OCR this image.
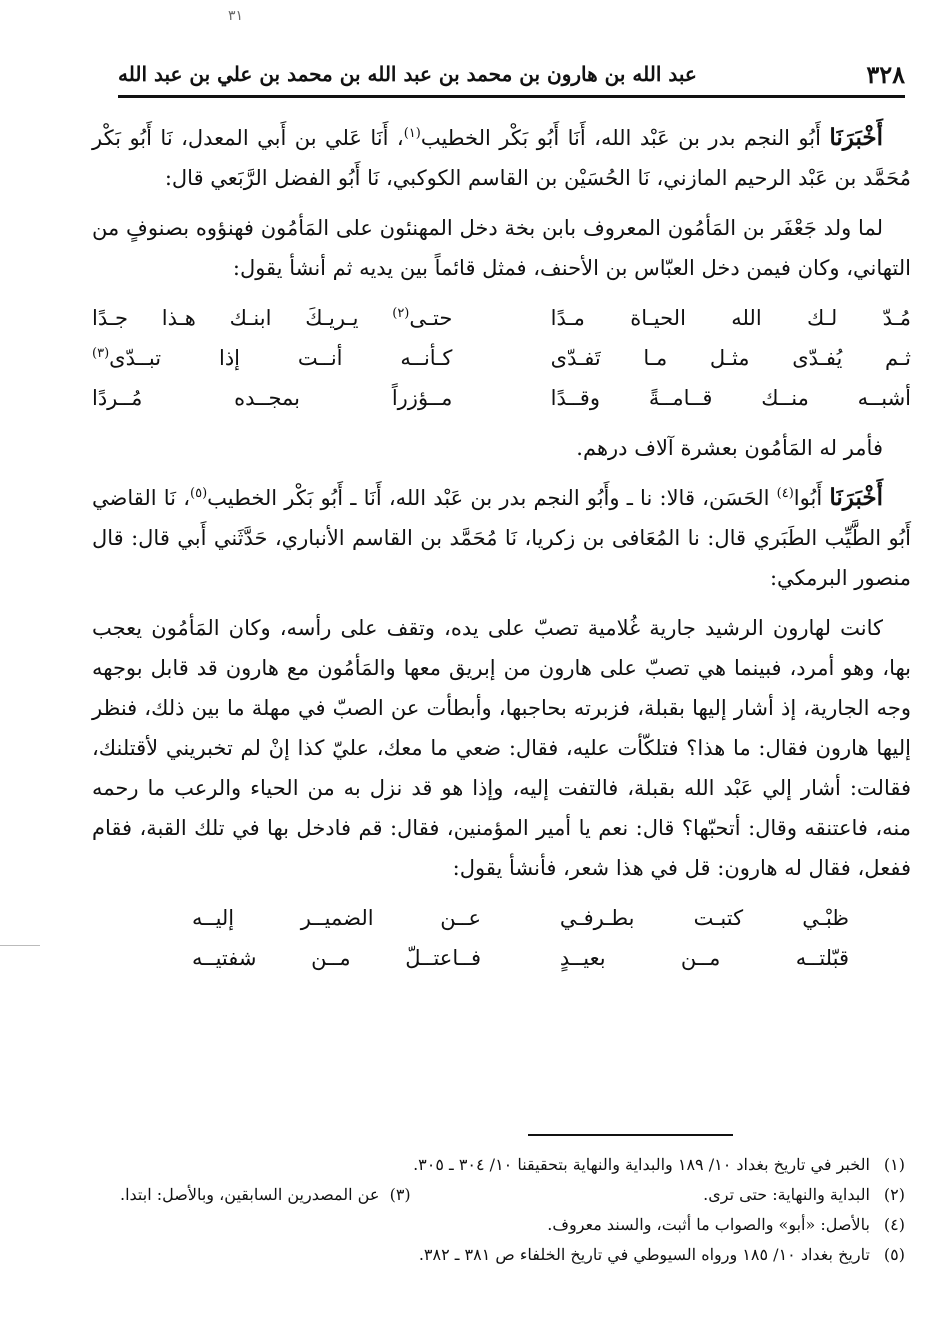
٣١
٣٢٨
عبد الله بن هارون بن محمد بن عبد الله بن محمد بن علي بن عبد الله

أَخْبَرَنَا أَبُو النجم بدر بن عَبْد الله، أَنَا أَبُو بَكْر الخطيب$^{(١)}$، أَنَا عَلي بن أَبي المعدل، نَا أَبُو بَكْر مُحَمَّد بن عَبْد الرحيم المازني، نَا الحُسَيْن بن القاسم الكوكبي، نَا أَبُو الفضل الرَّبَعي قال:

لما ولد جَعْفَر بن المَأمُون المعروف بابن بخة دخل المهنئون على المَأمُون فهنؤوه بصنوفٍ من التهاني، وكان فيمن دخل العبّاس بن الأحنف، فمثل قائماً بين يديه ثم أنشأ يقول:

مُـدّ لـك الله الحيـاة مـدًا
حتـى$^{(٢)}$ يـريـكَ ابنـك هـذا جـدًا
ثـم يُفـدّى مثـل مـا تَفـدّى
كـأنــه أنــت إذا تبــدّى$^{(٣)}$
أشبــه منــك قــامــةً وقــدًا
مــؤزراً بمجــده مُــردًا

فأمر له المَأمُون بعشرة آلاف درهم.

أَخْبَرَنَا أَبُوا$^{(٤)}$ الحَسَن، قالا: نا ـ وأَبُو النجم بدر بن عَبْد الله، أَنَا ـ أَبُو بَكْر الخطيب$^{(٥)}$، نَا القاضي أَبُو الطَّيِّب الطَبَري قال: نا المُعَافى بن زكريا، نَا مُحَمَّد بن القاسم الأنباري، حَدَّثَني أَبي قال: قال منصور البرمكي:

كانت لهارون الرشيد جارية غُلامية تصبّ على يده، وتقف على رأسه، وكان المَأمُون يعجب بها، وهو أمرد، فبينما هي تصبّ على هارون من إبريق معها والمَأمُون مع هارون قد قابل بوجهه وجه الجارية، إذ أشار إليها بقبلة، فزبرته بحاجبها، وأبطأت عن الصبّ في مهلة ما بين ذلك، فنظر إليها هارون فقال: ما هذا؟ فتلكّأت عليه، فقال: ضعي ما معك، عليّ كذا إنْ لم تخبريني لأقتلنك، فقالت: أشار إلي عَبْد الله بقبلة، فالتفت إليه، وإذا هو قد نزل به من الحياء والرعب ما رحمه منه، فاعتنقه وقال: أتحبّها؟ قال: نعم يا أمير المؤمنين، فقال: قم فادخل بها في تلك القبة، فقام ففعل، فقال له هارون: قل في هذا شعر، فأنشأ يقول:

ظبْـي كتبـت بطـرفـي
عــن الضميــر إليــه
قبّلتــه مــن بعيــدٍ
فــاعتــلّ مــن شفتيــه
(١) الخبر في تاريخ بغداد ١٠/ ١٨٩ والبداية والنهاية بتحقيقنا ١٠/ ٣٠٤ ـ ٣٠٥.
(٢) البداية والنهاية: حتى ترى.
(٣)  عن المصدرين السابقين، وبالأصل: ابتدا.
(٤) بالأصل: «أبو» والصواب ما أثبت، والسند معروف.
(٥) تاريخ بغداد ١٠/ ١٨٥ ورواه السيوطي في تاريخ الخلفاء ص ٣٨١ ـ ٣٨٢.
